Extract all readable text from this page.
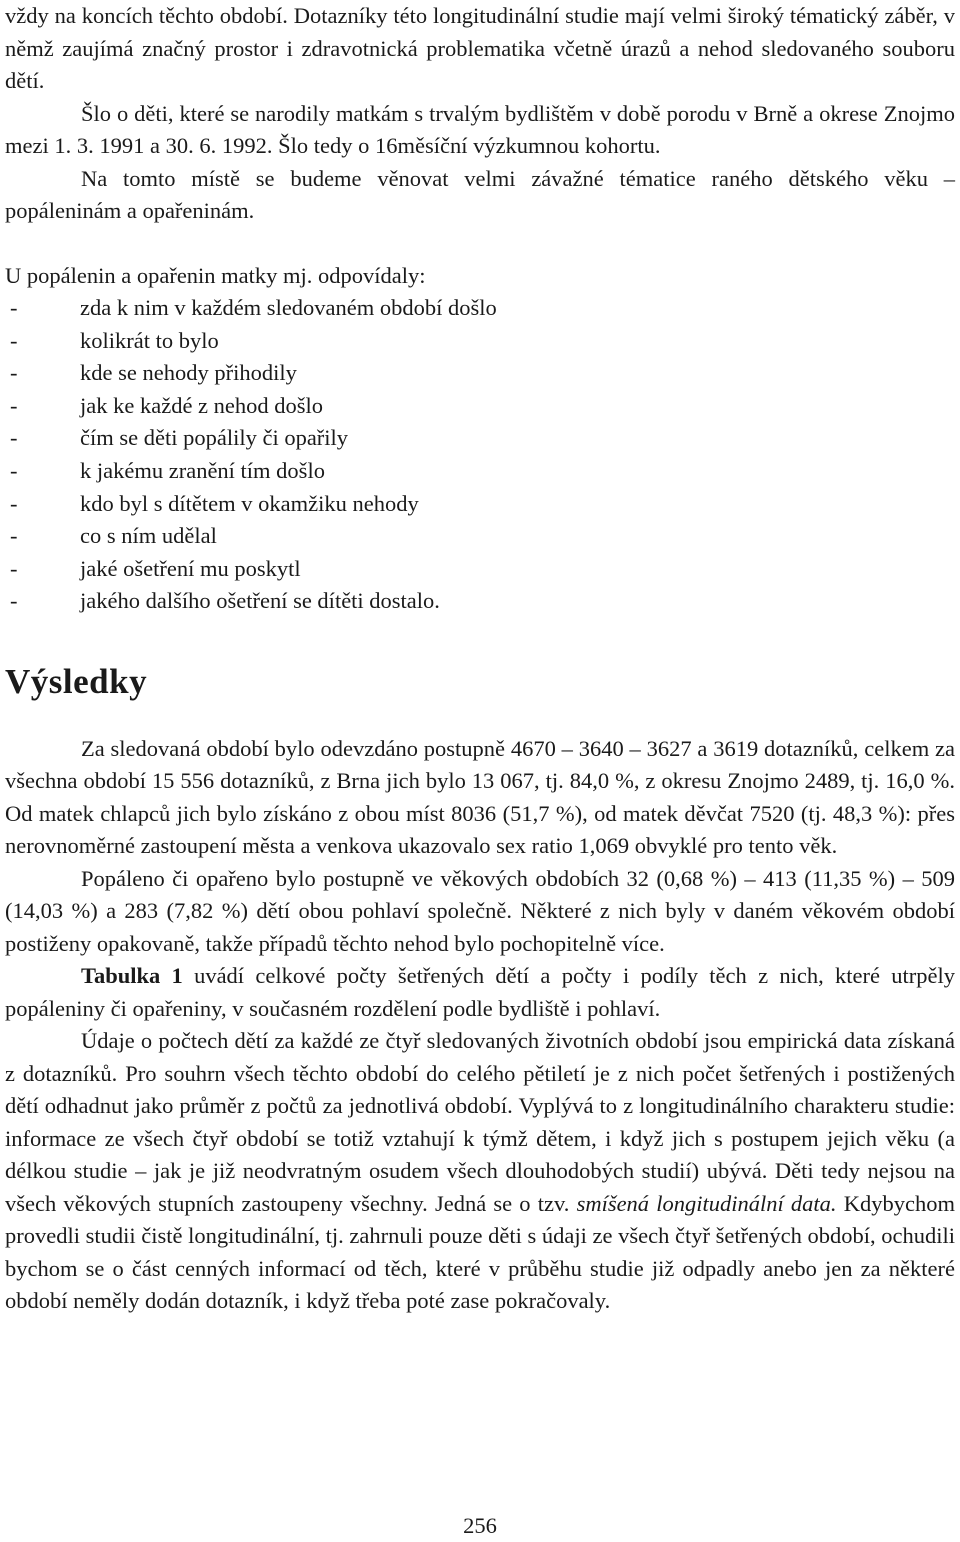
vždy na koncích těchto období. Dotazníky této longitudinální studie mají velmi široký tématický záběr, v němž zaujímá značný prostor i zdravotnická problematika včetně úrazů a nehod sledovaného souboru dětí.

Šlo o děti, které se narodily matkám s trvalým bydlištěm v době porodu v Brně a okrese Znojmo mezi 1. 3. 1991 a 30. 6. 1992. Šlo tedy o 16měsíční výzkumnou kohortu.

Na tomto místě se budeme věnovat velmi závažné tématice raného dětského věku – popáleninám a opařeninám.

U popálenin a opařenin matky mj. odpovídaly:

-	zda k nim v každém sledovaném období došlo
-	kolikrát to bylo
-	kde se nehody přihodily
-	jak ke každé z nehod došlo
-	čím se děti popálily či opařily
-	k jakému zranění tím došlo
-	kdo byl s dítětem v okamžiku nehody
-	co s ním udělal
-	jaké ošetření mu poskytl
-	jakého dalšího ošetření se dítěti dostalo.
Výsledky

Za sledovaná období bylo odevzdáno postupně 4670 – 3640 – 3627 a 3619 dotazníků, celkem za všechna období 15 556 dotazníků, z Brna jich bylo 13 067, tj. 84,0 %, z okresu Znojmo 2489, tj. 16,0 %. Od matek chlapců jich bylo získáno z obou míst 8036 (51,7 %), od matek děvčat 7520 (tj. 48,3 %): přes nerovnoměrné zastoupení města a venkova ukazovalo sex ratio 1,069 obvyklé pro tento věk.

Popáleno či opařeno bylo postupně ve věkových obdobích 32 (0,68 %) – 413 (11,35 %) – 509 (14,03 %) a 283 (7,82 %) dětí obou pohlaví společně. Některé z nich byly v daném věkovém období postiženy opakovaně, takže případů těchto nehod bylo pochopitelně více.

Tabulka 1 uvádí celkové počty šetřených dětí a počty i podíly těch z nich, které utrpěly popáleniny či opařeniny, v současném rozdělení podle bydliště i pohlaví.

Údaje o počtech dětí za každé ze čtyř sledovaných životních období jsou empirická data získaná z dotazníků. Pro souhrn všech těchto období do celého pětiletí je z nich počet šetřených i postižených dětí odhadnut jako průměr z počtů za jednotlivá období. Vyplývá to z longitudinálního charakteru studie: informace ze všech čtyř období se totiž vztahují k týmž dětem, i když jich s postupem jejich věku (a délkou studie – jak je již neodvratným osudem všech dlouhodobých studií) ubývá. Děti tedy nejsou na všech věkových stupních zastoupeny všechny. Jedná se o tzv. smíšená longitudinální data. Kdybychom provedli studii čistě longitudinální, tj. zahrnuli pouze děti s údaji ze všech čtyř šetřených období, ochudili bychom se o část cenných informací od těch, které v průběhu studie již odpadly anebo jen za některé období neměly dodán dotazník, i když třeba poté zase pokračovaly.

256
